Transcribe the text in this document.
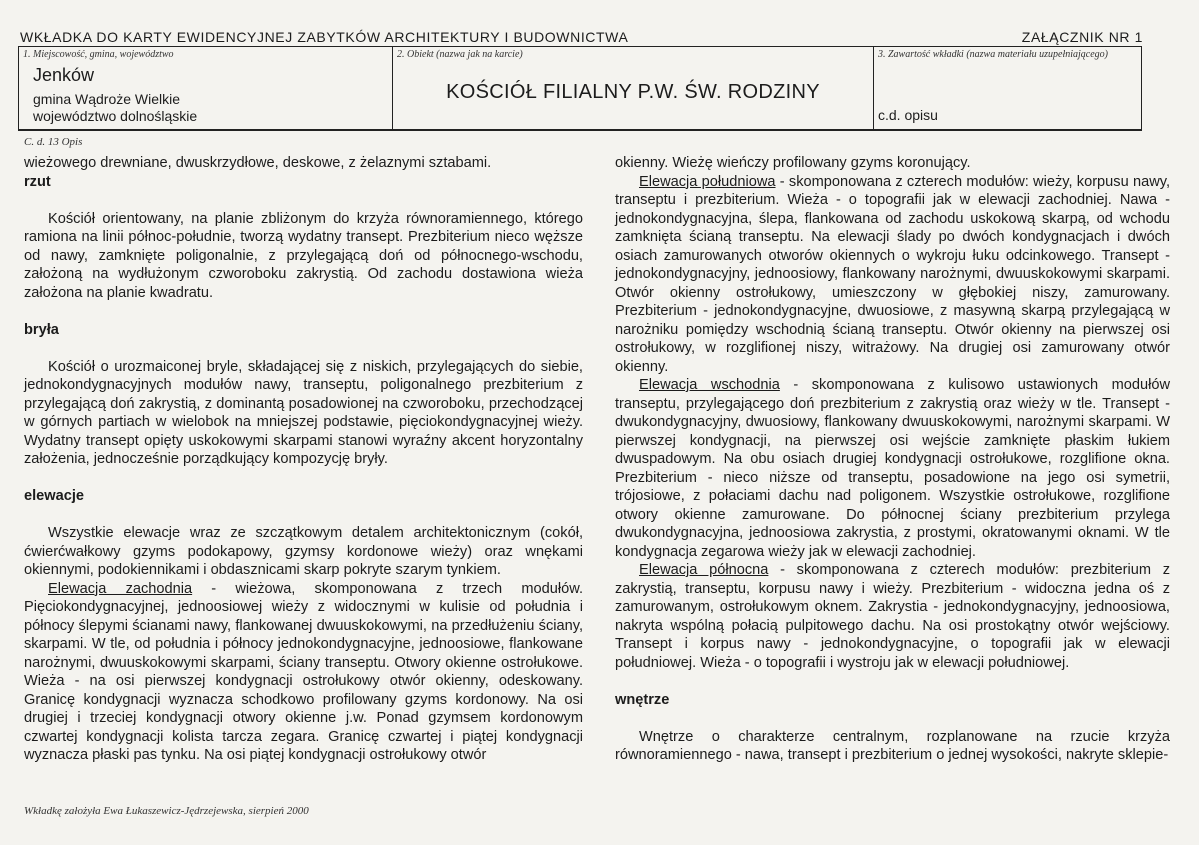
WKŁADKA DO KARTY EWIDENCYJNEJ ZABYTKÓW ARCHITEKTURY I BUDOWNICTWA	ZAŁĄCZNIK NR 1
1. Miejscowość, gmina, województwo
Jenków
gmina Wądroże Wielkie
województwo dolnośląskie
2. Obiekt (nazwa jak na karcie)
KOŚCIÓŁ FILIALNY P.W. ŚW. RODZINY
3. Zawartość wkładki (nazwa materiału uzupełniającego)
c.d. opisu
C. d. 13 Opis

wieżowego drewniane, dwuskrzydłowe, deskowe, z żelaznymi sztabami.

rzut

Kościół orientowany, na planie zbliżonym do krzyża równoramiennego, którego ramiona na linii północ-południe, tworzą wydatny transept. Prezbiterium nieco węższe od nawy, zamknięte poligonalnie, z przylegającą doń od północnego-wschodu, założoną na wydłużonym czworoboku zakrystią. Od zachodu dostawiona wieża założona na planie kwadratu.

bryła

Kościół o urozmaiconej bryle, składającej się z niskich, przylegających do siebie, jednokondygnacyjnych modułów nawy, transeptu, poligonalnego prezbiterium z przylegającą doń zakrystią, z dominantą posadowionej na czworoboku, przechodzącej w górnych partiach w wielobok na mniejszej podstawie, pięciokondygnacyjnej wieży. Wydatny transept opięty uskokowymi skarpami stanowi wyraźny akcent horyzontalny założenia, jednocześnie porządkujący kompozycję bryły.

elewacje

Wszystkie elewacje wraz ze szczątkowym detalem architektonicznym (cokół, ćwierćwałkowy gzyms podokapowy, gzymsy kordonowe wieży) oraz wnękami okiennymi, podokiennikami i obdasznicami skarp pokryte szarym tynkiem.

Elewacja zachodnia - wieżowa, skomponowana z trzech modułów. Pięciokondygnacyjnej, jednoosiowej wieży z widocznymi w kulisie od południa i północy ślepymi ścianami nawy, flankowanej dwuuskokowymi, na przedłużeniu ściany, skarpami. W tle, od południa i północy jednokondygnacyjne, jednoosiowe, flankowane narożnymi, dwuuskokowymi skarpami, ściany transeptu. Otwory okienne ostrołukowe. Wieża - na osi pierwszej kondygnacji ostrołukowy otwór okienny, odeskowany. Granicę kondygnacji wyznacza schodkowo profilowany gzyms kordonowy. Na osi drugiej i trzeciej kondygnacji otwory okienne j.w. Ponad gzymsem kordonowym czwartej kondygnacji kolista tarcza zegara. Granicę czwartej i piątej kondygnacji wyznacza płaski pas tynku. Na osi piątej kondygnacji ostrołukowy otwór

okienny. Wieżę wieńczy profilowany gzyms koronujący.

Elewacja południowa - skomponowana z czterech modułów: wieży, korpusu nawy, transeptu i prezbiterium. Wieża - o topografii jak w elewacji zachodniej. Nawa - jednokondygnacyjna, ślepa, flankowana od zachodu uskokową skarpą, od wchodu zamknięta ścianą transeptu. Na elewacji ślady po dwóch kondygnacjach i dwóch osiach zamurowanych otworów okiennych o wykroju łuku odcinkowego. Transept - jednokondygnacyjny, jednoosiowy, flankowany narożnymi, dwuuskokowymi skarpami. Otwór okienny ostrołukowy, umieszczony w głębokiej niszy, zamurowany. Prezbiterium - jednokondygnacyjne, dwuosiowe, z masywną skarpą przylegającą w narożniku pomiędzy wschodnią ścianą transeptu. Otwór okienny na pierwszej osi ostrołukowy, w rozglifionej niszy, witrażowy. Na drugiej osi zamurowany otwór okienny.

Elewacja wschodnia - skomponowana z kulisowo ustawionych modułów transeptu, przylegającego doń prezbiterium z zakrystią oraz wieży w tle. Transept - dwukondygnacyjny, dwuosiowy, flankowany dwuuskokowymi, narożnymi skarpami. W pierwszej kondygnacji, na pierwszej osi wejście zamknięte płaskim łukiem dwuspadowym. Na obu osiach drugiej kondygnacji ostrołukowe, rozglifione okna. Prezbiterium - nieco niższe od transeptu, posadowione na jego osi symetrii, trójosiowe, z połaciami dachu nad poligonem. Wszystkie ostrołukowe, rozglifione otwory okienne zamurowane. Do północnej ściany prezbiterium przylega dwukondygnacyjna, jednoosiowa zakrystia, z prostymi, okratowanymi oknami. W tle kondygnacja zegarowa wieży jak w elewacji zachodniej.

Elewacja północna - skomponowana z czterech modułów: prezbiterium z zakrystią, transeptu, korpusu nawy i wieży. Prezbiterium - widoczna jedna oś z zamurowanym, ostrołukowym oknem. Zakrystia - jednokondygnacyjny, jednoosiowa, nakryta wspólną połacią pulpitowego dachu. Na osi prostokątny otwór wejściowy. Transept i korpus nawy - jednokondygnacyjne, o topografii jak w elewacji południowej. Wieża - o topografii i wystroju jak w elewacji południowej.

wnętrze

Wnętrze o charakterze centralnym, rozplanowane na rzucie krzyża równoramiennego - nawa, transept i prezbiterium o jednej wysokości, nakryte sklepie-

Wkładkę założyła Ewa Łukaszewicz-Jędrzejewska, sierpień 2000
